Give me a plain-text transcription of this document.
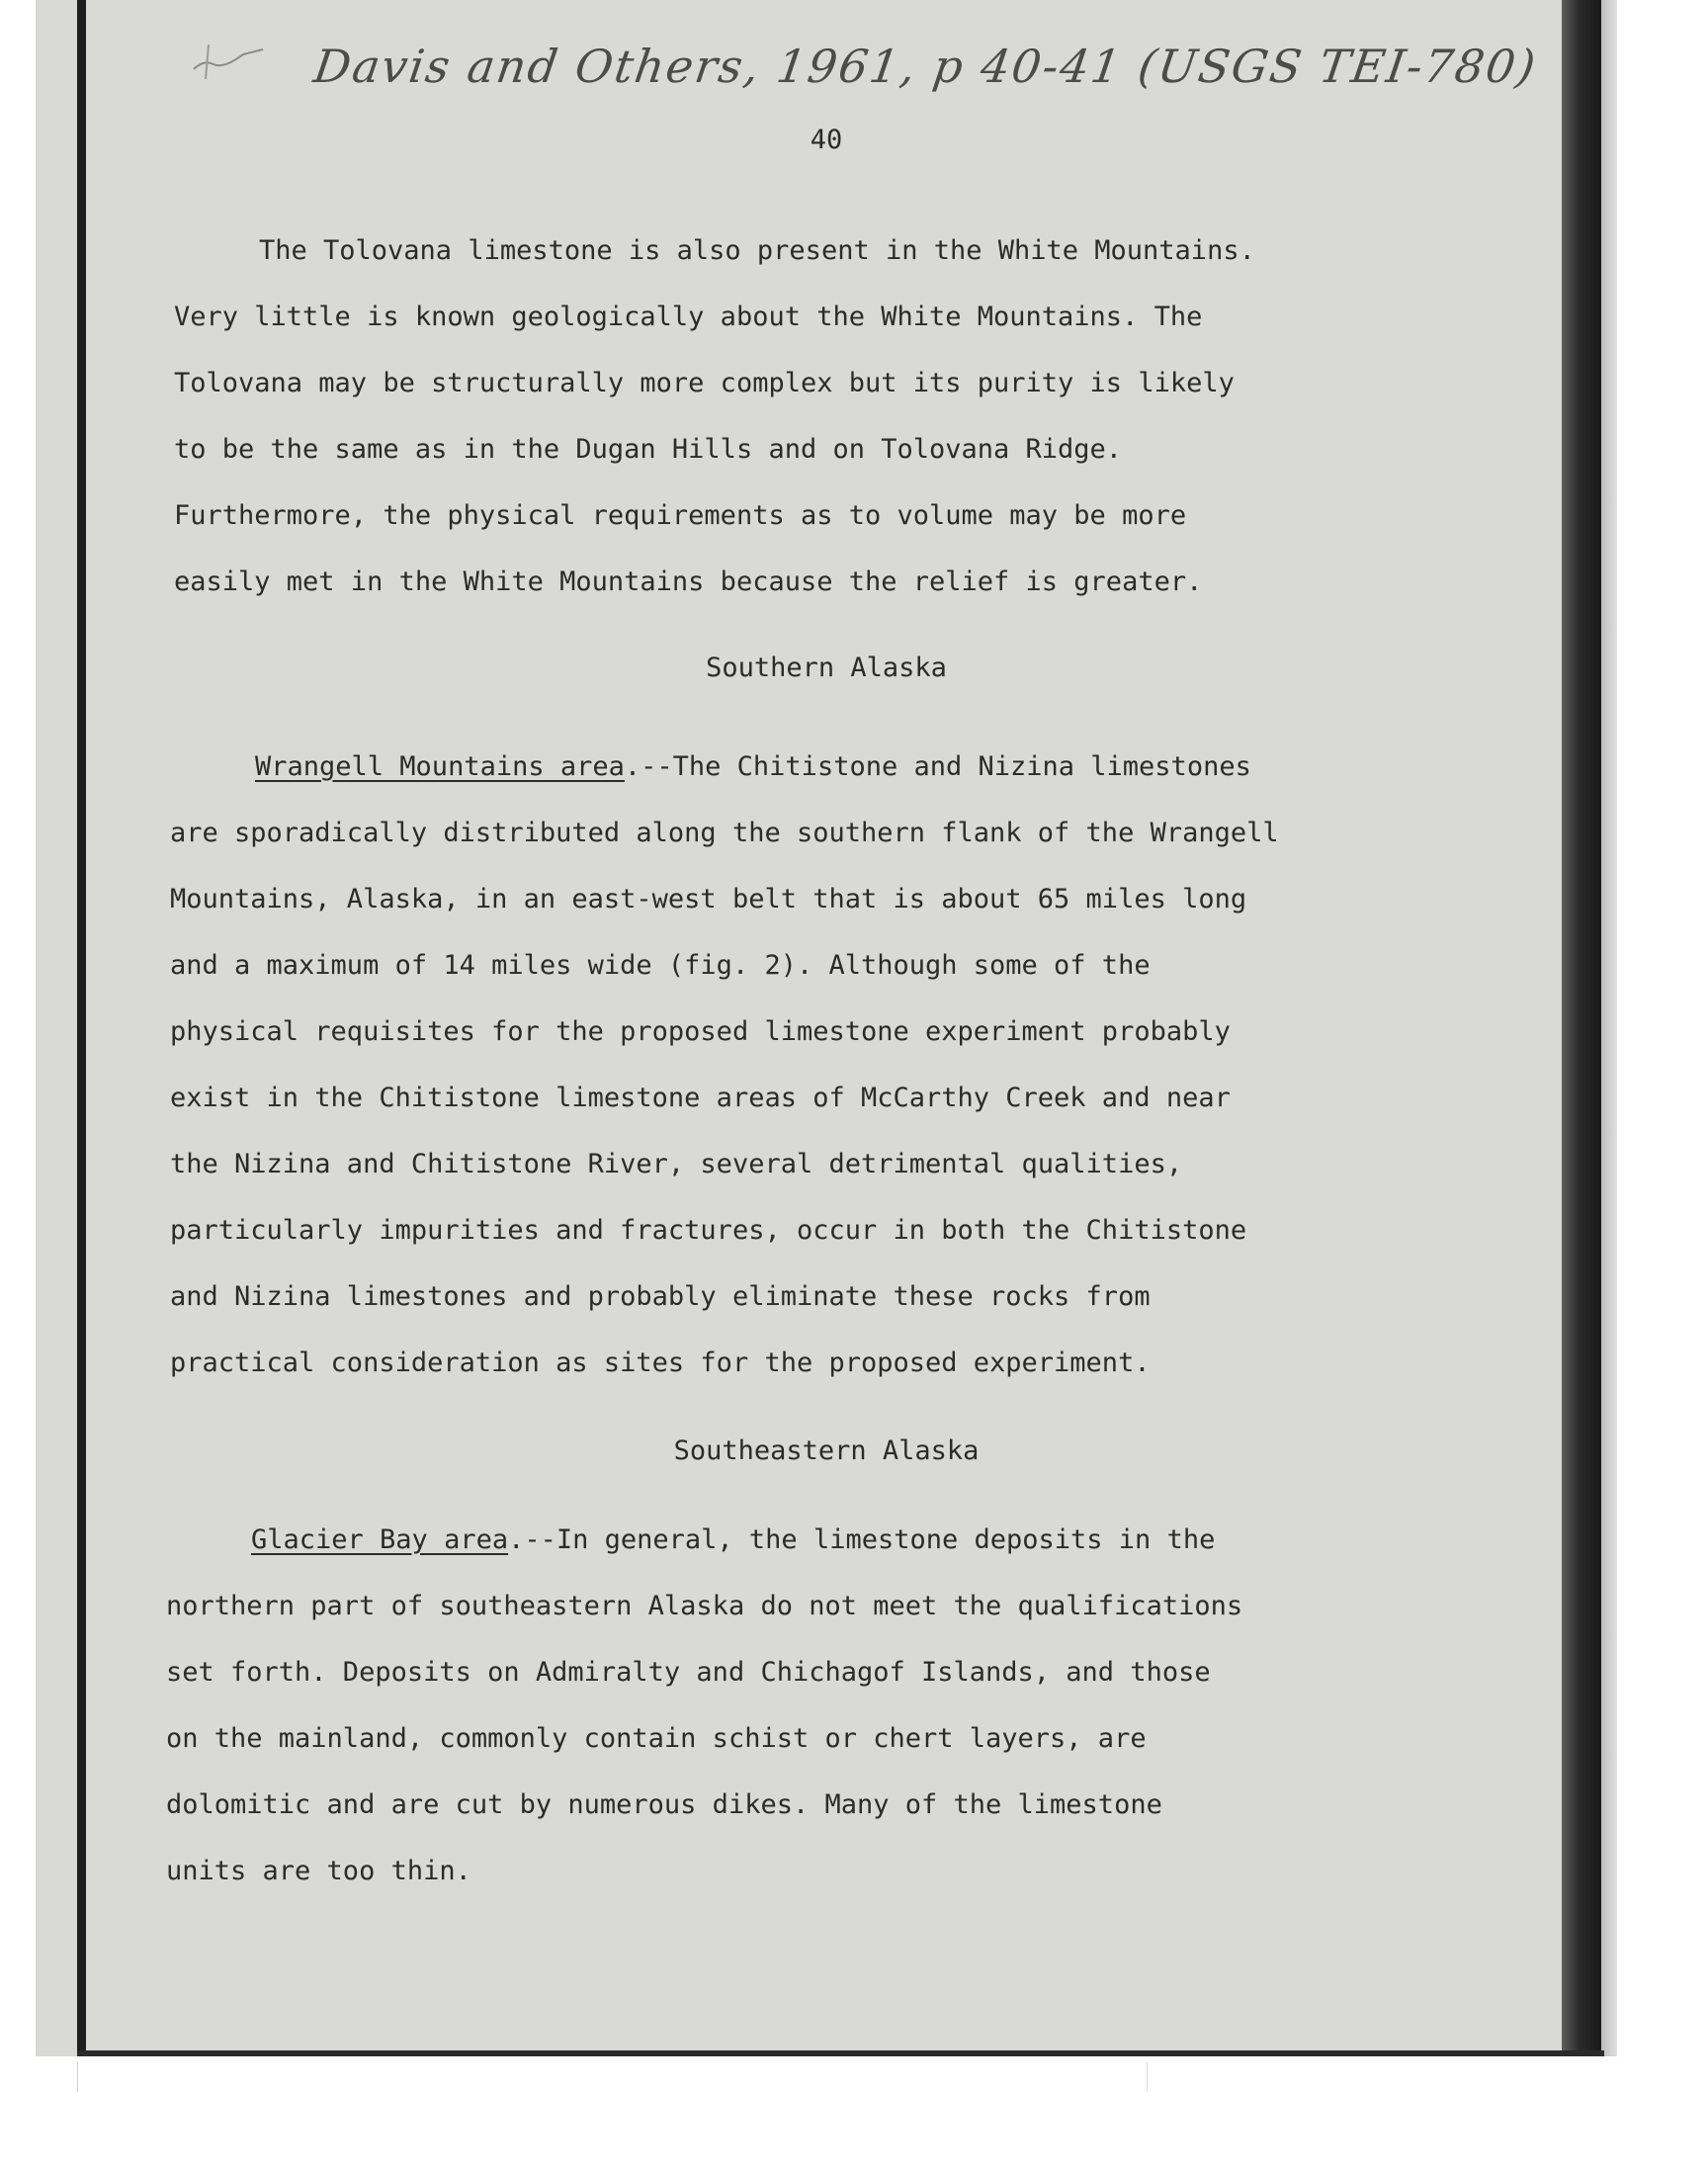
Davis and Others, 1961, p 40-41 (USGS TEI-780)
40
The Tolovana limestone is also present in the White Mountains.
Very little is known geologically about the White Mountains. The
Tolovana may be structurally more complex but its purity is likely
to be the same as in the Dugan Hills and on Tolovana Ridge.
Furthermore, the physical requirements as to volume may be more
easily met in the White Mountains because the relief is greater.
Southern Alaska
Wrangell Mountains area.--The Chitistone and Nizina limestones
are sporadically distributed along the southern flank of the Wrangell
Mountains, Alaska, in an east-west belt that is about 65 miles long
and a maximum of 14 miles wide (fig. 2). Although some of the
physical requisites for the proposed limestone experiment probably
exist in the Chitistone limestone areas of McCarthy Creek and near
the Nizina and Chitistone River, several detrimental qualities,
particularly impurities and fractures, occur in both the Chitistone
and Nizina limestones and probably eliminate these rocks from
practical consideration as sites for the proposed experiment.
Southeastern Alaska
Glacier Bay area.--In general, the limestone deposits in the
northern part of southeastern Alaska do not meet the qualifications
set forth. Deposits on Admiralty and Chichagof Islands, and those
on the mainland, commonly contain schist or chert layers, are
dolomitic and are cut by numerous dikes. Many of the limestone
units are too thin.
